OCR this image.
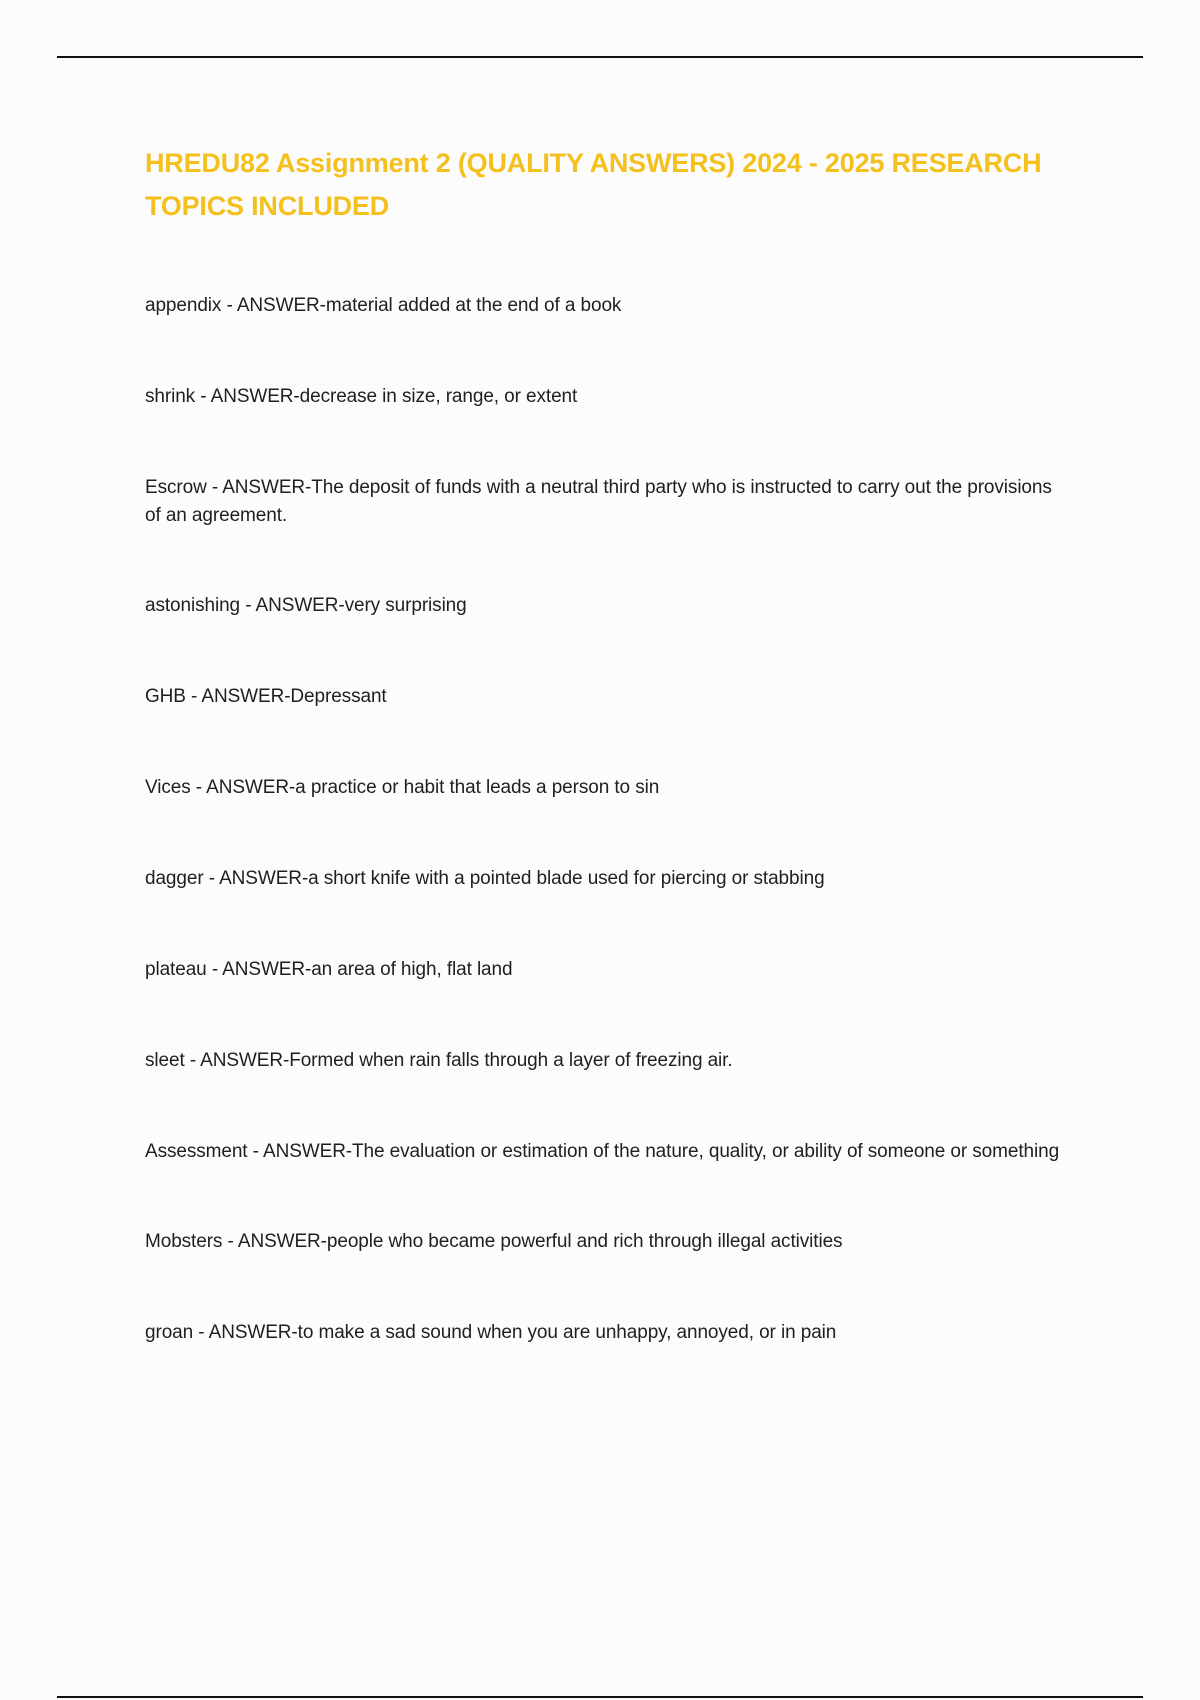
HREDU82 Assignment 2 (QUALITY ANSWERS) 2024 - 2025 RESEARCH TOPICS INCLUDED
appendix - ANSWER-material added at the end of a book
shrink - ANSWER-decrease in size, range, or extent
Escrow - ANSWER-The deposit of funds with a neutral third party who is instructed to carry out the provisions of an agreement.
astonishing - ANSWER-very surprising
GHB - ANSWER-Depressant
Vices - ANSWER-a practice or habit that leads a person to sin
dagger - ANSWER-a short knife with a pointed blade used for piercing or stabbing
plateau - ANSWER-an area of high, flat land
sleet - ANSWER-Formed when rain falls through a layer of freezing air.
Assessment - ANSWER-The evaluation or estimation of the nature, quality, or ability of someone or something
Mobsters - ANSWER-people who became powerful and rich through illegal activities
groan - ANSWER-to make a sad sound when you are unhappy, annoyed, or in pain
